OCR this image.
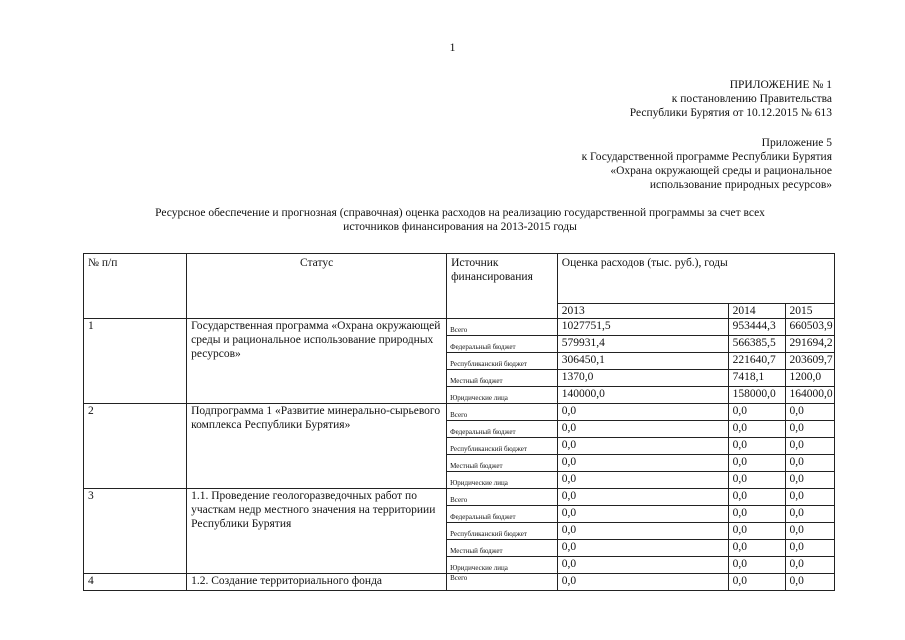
1
ПРИЛОЖЕНИЕ № 1
к постановлению Правительства
Республики Бурятия от 10.12.2015 № 613
Приложение 5
к Государственной программе Республики Бурятия
«Охрана окружающей среды и рациональное
использование природных ресурсов»
Ресурсное обеспечение и прогнозная (справочная) оценка расходов на реализацию государственной программы за счет всех
источников финансирования на 2013-2015 годы
№ п/п	Статус	Источник финансирования	Оценка расходов (тыс. руб.), годы		
			2013	2014	2015
1	Государственная программа «Охрана окружающей среды и рациональное использование природных ресурсов»	Всего	1027751,5	953444,3	660503,9
		Федеральный бюджет	579931,4	566385,5	291694,2
		Республиканский бюджет	306450,1	221640,7	203609,7
		Местный бюджет	1370,0	7418,1	1200,0
		Юридические лица	140000,0	158000,0	164000,0
2	Подпрограмма 1 «Развитие минерально-сырьевого комплекса Республики Бурятия»	Всего	0,0	0,0	0,0
		Федеральный бюджет	0,0	0,0	0,0
		Республиканский бюджет	0,0	0,0	0,0
		Местный бюджет	0,0	0,0	0,0
		Юридические лица	0,0	0,0	0,0
3	1.1. Проведение геологоразведочных работ по участкам недр местного значения на территориии Республики Бурятия	Всего	0,0	0,0	0,0
		Федеральный бюджет	0,0	0,0	0,0
		Республиканский бюджет	0,0	0,0	0,0
		Местный бюджет	0,0	0,0	0,0
		Юридические лица	0,0	0,0	0,0
4	1.2. Создание территориального фонда	Всего	0,0	0,0	0,0
